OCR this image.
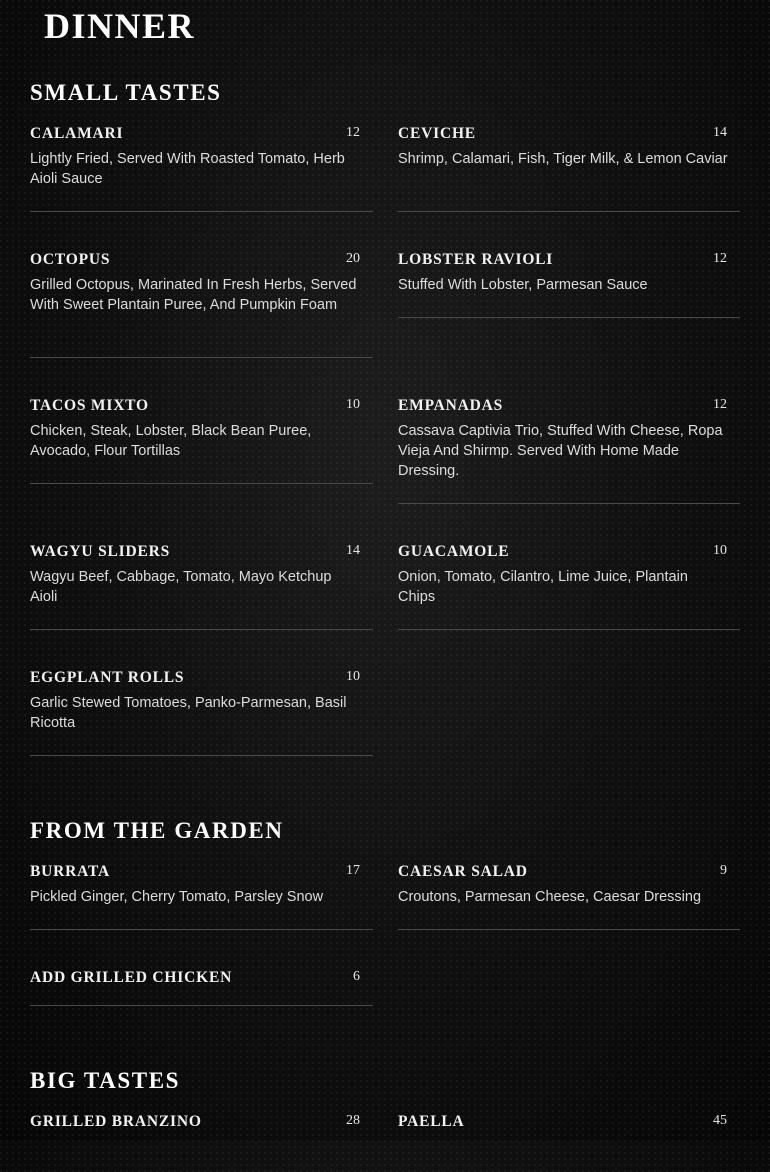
DINNER
SMALL TASTES
CALAMARI	12
Lightly Fried, Served With Roasted Tomato, Herb Aioli Sauce
CEVICHE	14
Shrimp, Calamari, Fish, Tiger Milk, & Lemon Caviar
OCTOPUS	20
Grilled Octopus, Marinated In Fresh Herbs, Served With Sweet Plantain Puree, And Pumpkin Foam
LOBSTER RAVIOLI	12
Stuffed With Lobster, Parmesan Sauce
TACOS MIXTO	10
Chicken, Steak, Lobster, Black Bean Puree, Avocado, Flour Tortillas
EMPANADAS	12
Cassava Captivia Trio, Stuffed With Cheese, Ropa Vieja And Shirmp. Served With Home Made Dressing.
WAGYU SLIDERS	14
Wagyu Beef, Cabbage, Tomato, Mayo Ketchup Aioli
GUACAMOLE	10
Onion, Tomato, Cilantro, Lime Juice, Plantain Chips
EGGPLANT ROLLS	10
Garlic Stewed Tomatoes, Panko-Parmesan, Basil Ricotta
FROM THE GARDEN
BURRATA	17
Pickled Ginger, Cherry Tomato, Parsley Snow
CAESAR SALAD	9
Croutons, Parmesan Cheese, Caesar Dressing
ADD GRILLED CHICKEN	6
BIG TASTES
GRILLED BRANZINO	28 PAELLA	45
